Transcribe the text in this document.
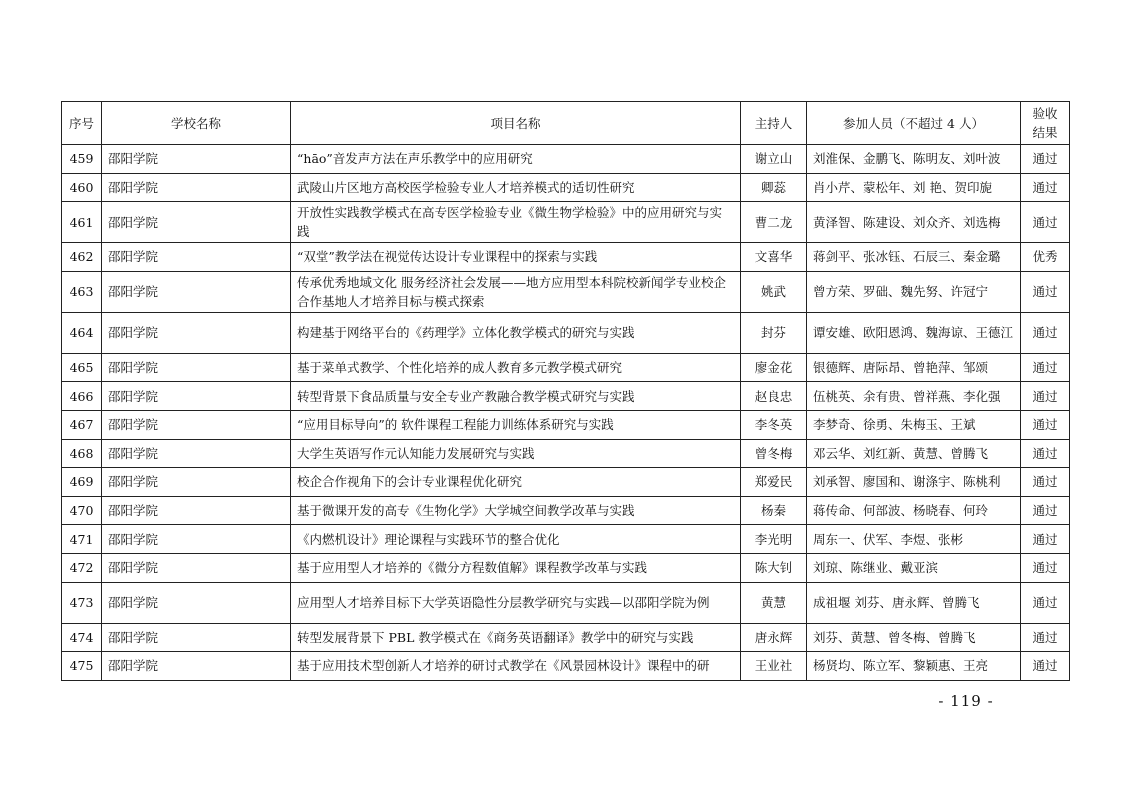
序号	学校名称	项目名称	主持人	参加人员（不超过 4 人）	验收结果
459	邵阳学院	“hāo”音发声方法在声乐教学中的应用研究	谢立山	刘淮保、金鹏飞、陈明友、刘叶波	通过
460	邵阳学院	武陵山片区地方高校医学检验专业人才培养模式的适切性研究	卿蕊	肖小芹、蒙松年、刘 艳、贺印旎	通过
461	邵阳学院	开放性实践教学模式在高专医学检验专业《微生物学检验》中的应用研究与实践	曹二龙	黄泽智、陈建设、刘众齐、刘选梅	通过
462	邵阳学院	“双堂”教学法在视觉传达设计专业课程中的探索与实践	文喜华	蒋剑平、张冰钰、石辰三、秦金璐	优秀
463	邵阳学院	传承优秀地域文化 服务经济社会发展——地方应用型本科院校新闻学专业校企合作基地人才培养目标与模式探索	姚武	曾方荣、罗础、魏先努、许冠宁	通过
464	邵阳学院	构建基于网络平台的《药理学》立体化教学模式的研究与实践	封芬	谭安雄、欧阳恩鸿、魏海谅、王德江	通过
465	邵阳学院	基于菜单式教学、个性化培养的成人教育多元教学模式研究	廖金花	银德辉、唐际昂、曾艳萍、邹颂	通过
466	邵阳学院	转型背景下食品质量与安全专业产教融合教学模式研究与实践	赵良忠	伍桃英、余有贵、曾祥燕、李化强	通过
467	邵阳学院	“应用目标导向”的 软件课程工程能力训练体系研究与实践	李冬英	李梦奇、徐勇、朱梅玉、王斌	通过
468	邵阳学院	大学生英语写作元认知能力发展研究与实践	曾冬梅	邓云华、刘红新、黄慧、曾腾飞	通过
469	邵阳学院	校企合作视角下的会计专业课程优化研究	郑爱民	刘承智、廖国和、谢涤宇、陈桃利	通过
470	邵阳学院	基于微课开发的高专《生物化学》大学城空间教学改革与实践	杨秦	蒋传命、何部波、杨晓春、何玲	通过
471	邵阳学院	《内燃机设计》理论课程与实践环节的整合优化	李光明	周东一、伏军、李煜、张彬	通过
472	邵阳学院	基于应用型人才培养的《微分方程数值解》课程教学改革与实践	陈大钊	刘琼、陈继业、戴亚滨	通过
473	邵阳学院	应用型人才培养目标下大学英语隐性分层教学研究与实践—以邵阳学院为例	黄慧	成祖堰 刘芬、唐永辉、曾腾飞	通过
474	邵阳学院	转型发展背景下 PBL 教学模式在《商务英语翻译》教学中的研究与实践	唐永辉	刘芬、黄慧、曾冬梅、曾腾飞	通过
475	邵阳学院	基于应用技术型创新人才培养的研讨式教学在《风景园林设计》课程中的研	王业社	杨贤均、陈立军、黎颖惠、王亮	通过
- 119 -
